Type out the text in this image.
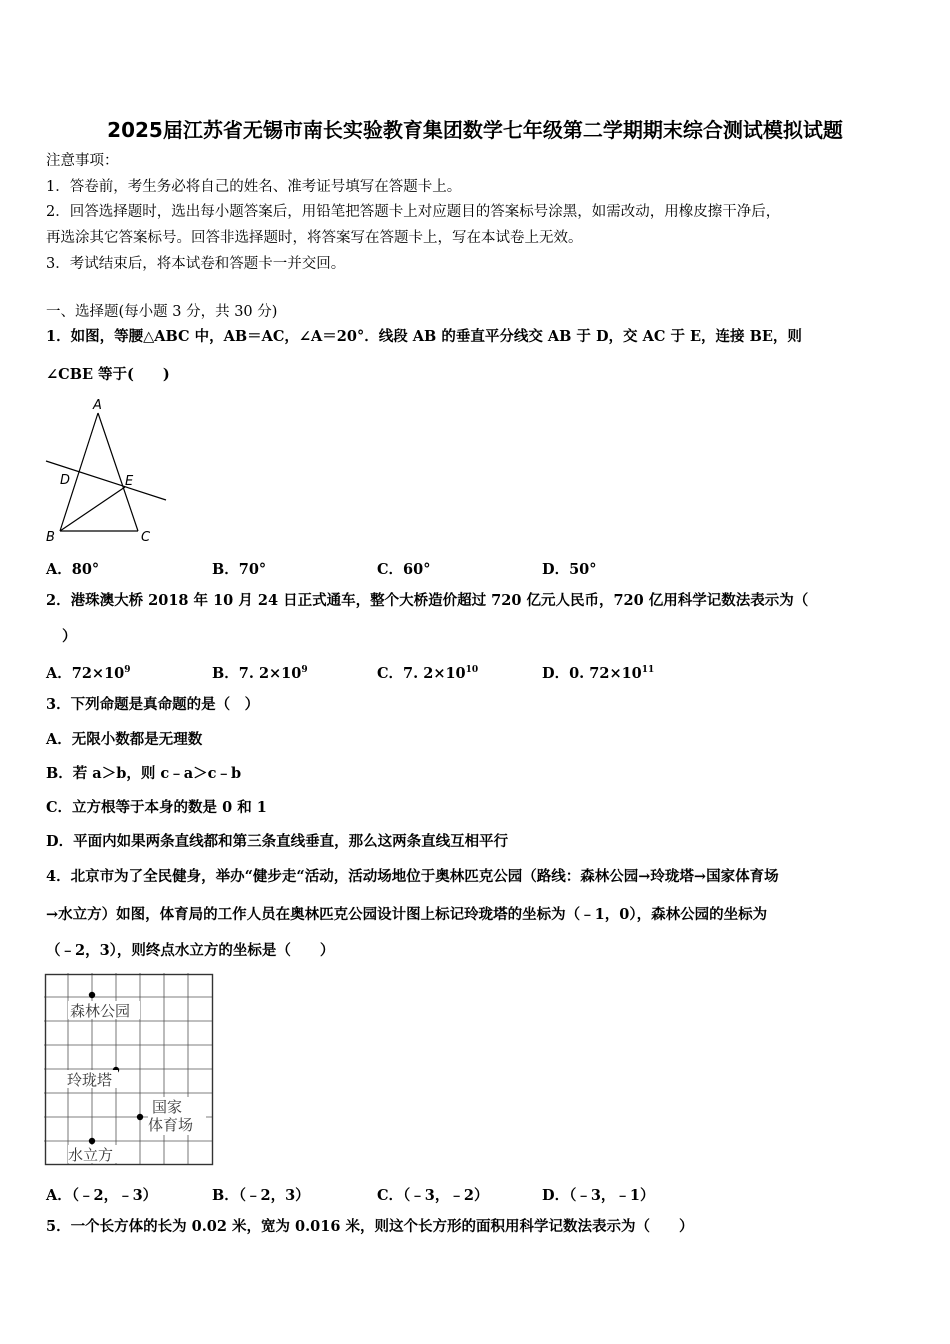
2025届江苏省无锡市南长实验教育集团数学七年级第二学期期末综合测试模拟试题
注意事项：
1．答卷前，考生务必将自己的姓名、准考证号填写在答题卡上。
2．回答选择题时，选出每小题答案后，用铅笔把答题卡上对应题目的答案标号涂黑，如需改动，用橡皮擦干净后，
再选涂其它答案标号。回答非选择题时，将答案写在答题卡上，写在本试卷上无效。
3．考试结束后，将本试卷和答题卡一并交回。
一、选择题(每小题 3 分，共 30 分)
1．如图，等腰△ABC 中，AB＝AC，∠A＝20°．线段 AB 的垂直平分线交 AB 于 D，交 AC 于 E，连接 BE，则
∠CBE 等于(　　)
A
D	E
B	C
A．80°	B．70°	C．60°	D．50°
2．港珠澳大桥 2018 年 10 月 24 日正式通车，整个大桥造价超过 720 亿元人民币，720 亿用科学记数法表示为（
）
A．$72\times 10^9$	B．7. $2\times 10^9$	C．7. $2\times 10^{10}$	D．0. $72\times 10^{11}$
3．下列命题是真命题的是（　）
A．无限小数都是无理数
B．若 a＞b，则 c﹣a＞c﹣b
C．立方根等于本身的数是 0 和 1
D．平面内如果两条直线都和第三条直线垂直，那么这两条直线互相平行
4．北京市为了全民健身，举办“健步走“活动，活动场地位于奥林匹克公园（路线：森林公园→玲珑塔→国家体育场
→水立方）如图，体育局的工作人员在奥林匹克公园设计图上标记玲珑塔的坐标为（﹣1，0），森林公园的坐标为
（﹣2，3），则终点水立方的坐标是（　　）
森林公园
玲珑塔
国家
体育场
水立方
A．（﹣2，﹣3）	B．（﹣2，3）	C．（﹣3，﹣2）	D．（﹣3，﹣1）
5．一个长方体的长为 0.02 米，宽为 0.016 米，则这个长方形的面积用科学记数法表示为（　　）
